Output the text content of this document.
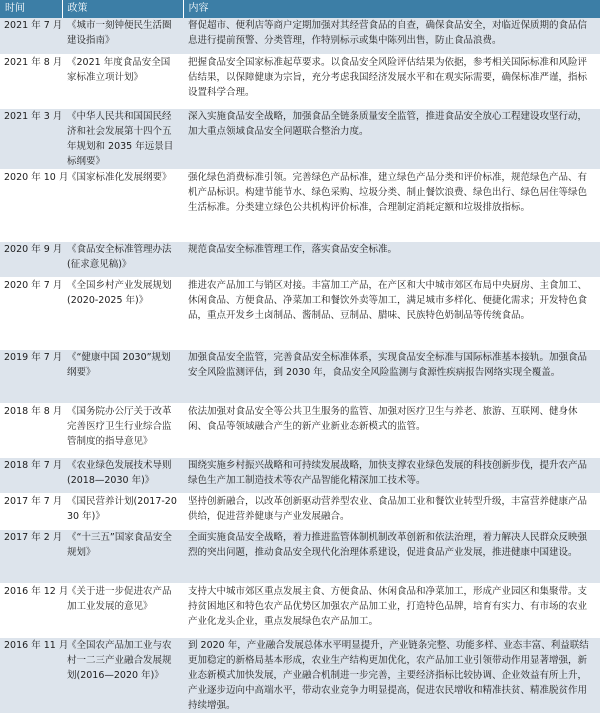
时间	政策	内容
2021 年 7 月	《城市一刻钟便民生活圈建设指南》	督促超市、便利店等商户定期加强对其经营食品的自查，确保食品安全，对临近保质期的食品信息进行提前预警、分类管理，作特别标示或集中陈列出售，防止食品浪费。
2021 年 8 月	《2021 年度食品安全国家标准立项计划》	把握食品安全国家标准起草要求。以食品安全风险评估结果为依据，参考相关国际标准和风险评估结果，以保障健康为宗旨，充分考虑我国经济发展水平和在观实际需要，确保标准严谨，指标设置科学合理。
2021 年 3 月	《中华人民共和国国民经济和社会发展第十四个五年规划和 2035 年远景目标纲要》	深入实施食品安全战略，加强食品全链条质量安全监管，推进食品安全放心工程建设攻坚行动，加大重点领域食品安全问题联合整治力度。
2020 年 10 月	《国家标准化发展纲要》	强化绿色消费标准引领。完善绿色产品标准，建立绿色产品分类和评价标准，规范绿色产品、有机产品标识。构建节能节水、绿色采购、垃圾分类、制止餐饮浪费、绿色出行、绿色居住等绿色生活标准。分类建立绿色公共机构评价标准，合理制定消耗定额和垃圾排放指标。
2020 年 9 月	《食品安全标准管理办法(征求意见稿)》	规范食品安全标准管理工作，落实食品安全标准。
2020 年 7 月	《全国乡村产业发展规划(2020-2025 年)》	推进农产品加工与销区对接。丰富加工产品，在产区和大中城市郊区布局中央厨房、主食加工、休闲食品、方便食品、净菜加工和餐饮外卖等加工，满足城市多样化、便捷化需求；开发特色食品，重点开发乡土卤制品、酱制品、豆制品、腊味、民族特色奶制品等传统食品。
2019 年 7 月	《“健康中国 2030”规划纲要》	加强食品安全监管，完善食品安全标准体系，实现食品安全标准与国际标准基本接轨。加强食品安全风险监测评估，到 2030 年，食品安全风险监测与食源性疾病报告网络实现全覆盖。
2018 年 8 月	《国务院办公厅关于改革完善医疗卫生行业综合监管制度的指导意见》	依法加强对食品安全等公共卫生服务的监管、加强对医疗卫生与养老、旅游、互联网、健身休闲、食品等领域融合产生的新产业新业态新模式的监管。
2018 年 7 月	《农业绿色发展技术导则(2018—2030 年)》	围绕实施乡村振兴战略和可持续发展战略，加快支撑农业绿色发展的科技创新步伐，提升农产品绿色生产加工制造技术等农产品智能化精深加工技术等。
2017 年 7 月	《国民营养计划(2017-2030 年)》	坚持创新融合，以改革创新驱动营养型农业、食品加工业和餐饮业转型升级，丰富营养健康产品供给，促进营养健康与产业发展融合。
2017 年 2 月	《“十三五”国家食品安全规划》	全面实施食品安全战略，着力推进监管体制机制改革创新和依法治理，着力解决人民群众反映强烈的突出问题，推动食品安全现代化治理体系建设，促进食品产业发展，推进健康中国建设。
2016 年 12 月	《关于进一步促进农产品加工业发展的意见》	支持大中城市郊区重点发展主食、方便食品、休闲食品和净菜加工，形成产业园区和集聚带。支持贫困地区和特色农产品优势区加强农产品加工业，打造特色品牌，培育有实力、有市场的农业产业化龙头企业，重点发展绿色农产品加工。
2016 年 11 月	《全国农产品加工业与农村一二三产业融合发展规划(2016—2020 年)》	到 2020 年，产业融合发展总体水平明显提升，产业链条完整、功能多样、业态丰富、利益联结更加稳定的新格局基本形成，农业生产结构更加优化，农产品加工业引领带动作用显著增强，新业态新模式加快发展，产业融合机制进一步完善，主要经济指标比较协调、企业效益有所上升，产业逐步迈向中高端水平，带动农业竞争力明显提高，促进农民增收和精准扶贫、精准脱贫作用持续增强。
